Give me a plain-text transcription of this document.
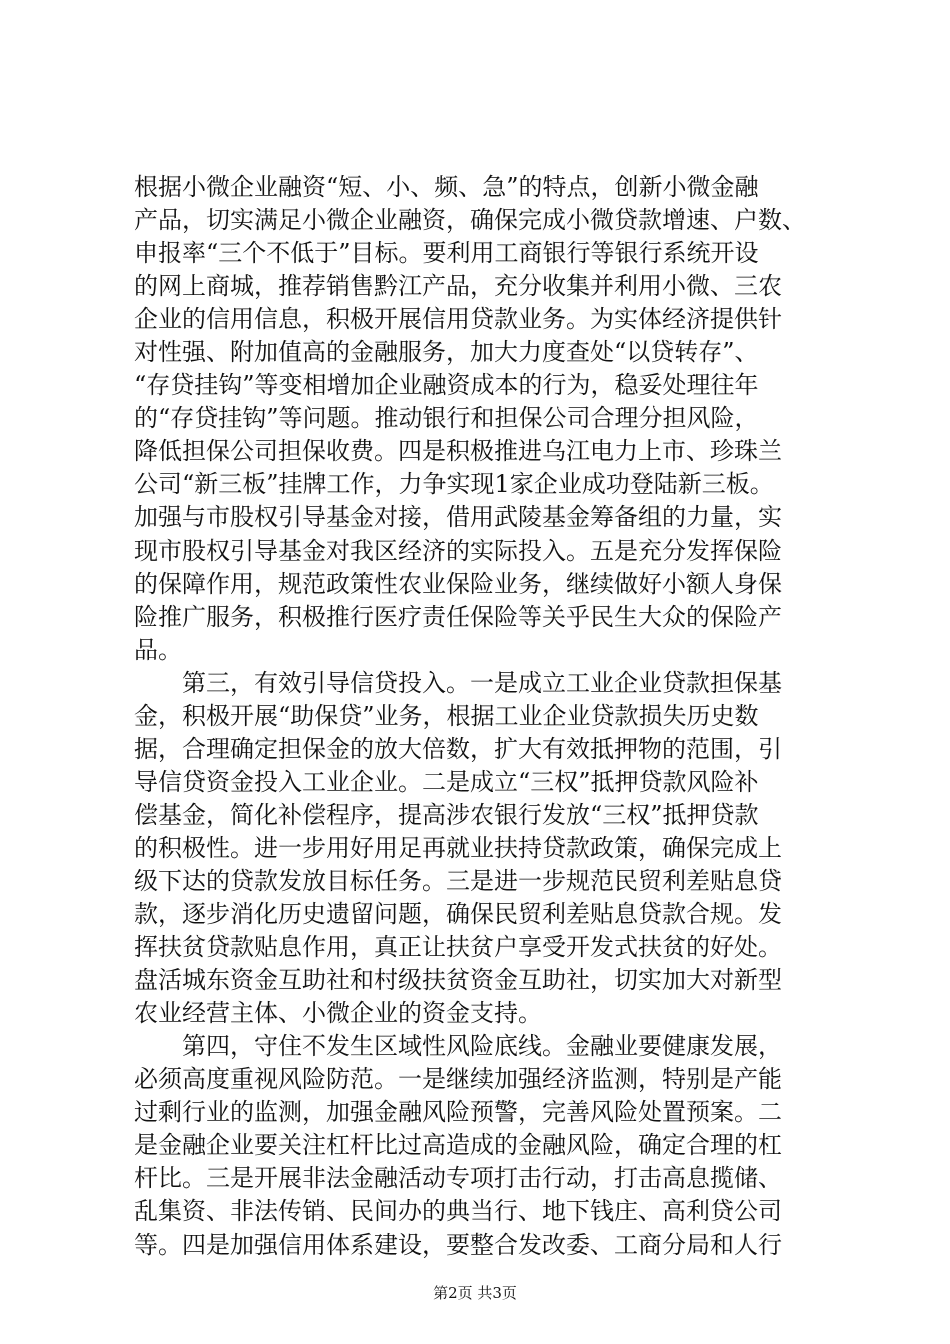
根据小微企业融资“短、小、频、急”的特点，创新小微金融
产品，切实满足小微企业融资，确保完成小微贷款增速、户数、
申报率“三个不低于”目标。要利用工商银行等银行系统开设
的网上商城，推荐销售黔江产品，充分收集并利用小微、三农
企业的信用信息，积极开展信用贷款业务。为实体经济提供针
对性强、附加值高的金融服务，加大力度查处“以贷转存”、
“存贷挂钩”等变相增加企业融资成本的行为，稳妥处理往年
的“存贷挂钩”等问题。推动银行和担保公司合理分担风险，
降低担保公司担保收费。四是积极推进乌江电力上市、珍珠兰
公司“新三板”挂牌工作，力争实现1家企业成功登陆新三板。
加强与市股权引导基金对接，借用武陵基金筹备组的力量，实
现市股权引导基金对我区经济的实际投入。五是充分发挥保险
的保障作用，规范政策性农业保险业务，继续做好小额人身保
险推广服务，积极推行医疗责任保险等关乎民生大众的保险产
品。
　　第三，有效引导信贷投入。一是成立工业企业贷款担保基
金，积极开展“助保贷”业务，根据工业企业贷款损失历史数
据，合理确定担保金的放大倍数，扩大有效抵押物的范围，引
导信贷资金投入工业企业。二是成立“三权”抵押贷款风险补
偿基金，简化补偿程序，提高涉农银行发放“三权”抵押贷款
的积极性。进一步用好用足再就业扶持贷款政策，确保完成上
级下达的贷款发放目标任务。三是进一步规范民贸利差贴息贷
款，逐步消化历史遗留问题，确保民贸利差贴息贷款合规。发
挥扶贫贷款贴息作用，真正让扶贫户享受开发式扶贫的好处。
盘活城东资金互助社和村级扶贫资金互助社，切实加大对新型
农业经营主体、小微企业的资金支持。
　　第四，守住不发生区域性风险底线。金融业要健康发展，
必须高度重视风险防范。一是继续加强经济监测，特别是产能
过剩行业的监测，加强金融风险预警，完善风险处置预案。二
是金融企业要关注杠杆比过高造成的金融风险，确定合理的杠
杆比。三是开展非法金融活动专项打击行动，打击高息揽储、
乱集资、非法传销、民间办的典当行、地下钱庄、高利贷公司
等。四是加强信用体系建设，要整合发改委、工商分局和人行
第2页 共3页
